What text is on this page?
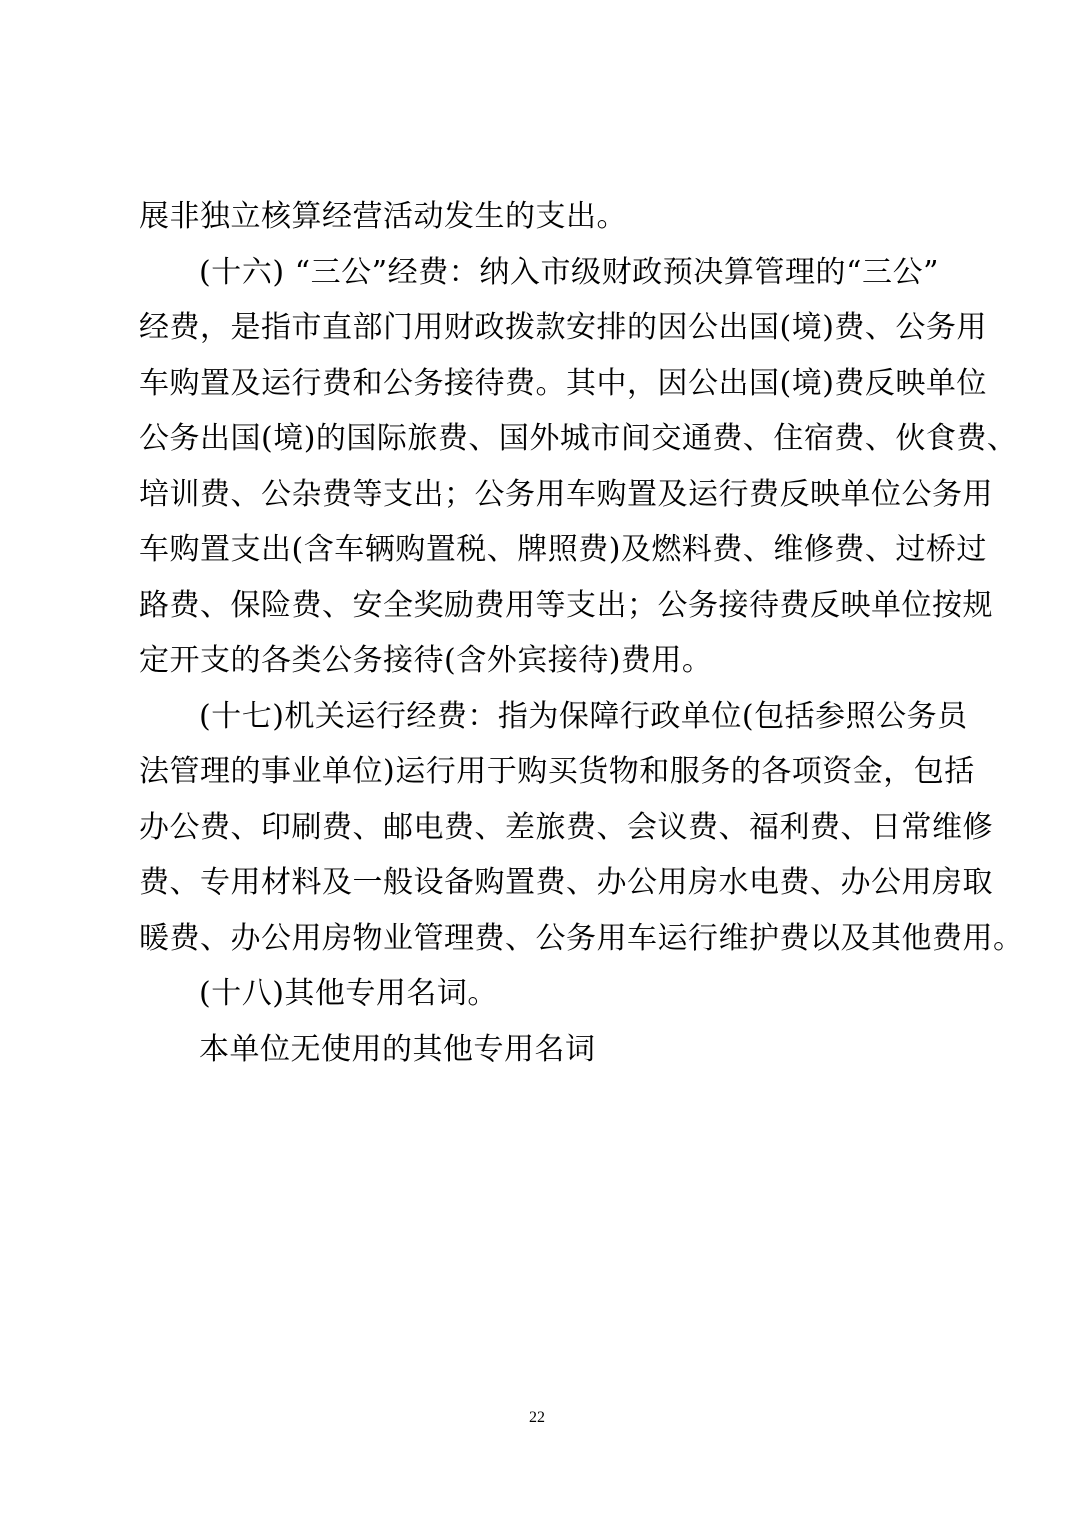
展非独立核算经营活动发生的支出。
(十六) “三公”经费：纳入市级财政预决算管理的“三公”
经费，是指市直部门用财政拨款安排的因公出国(境)费、公务用
车购置及运行费和公务接待费。其中，因公出国(境)费反映单位
公务出国(境)的国际旅费、国外城市间交通费、住宿费、伙食费、
培训费、公杂费等支出；公务用车购置及运行费反映单位公务用
车购置支出(含车辆购置税、牌照费)及燃料费、维修费、过桥过
路费、保险费、安全奖励费用等支出；公务接待费反映单位按规
定开支的各类公务接待(含外宾接待)费用。
(十七)机关运行经费：指为保障行政单位(包括参照公务员
法管理的事业单位)运行用于购买货物和服务的各项资金，包括
办公费、印刷费、邮电费、差旅费、会议费、福利费、日常维修
费、专用材料及一般设备购置费、办公用房水电费、办公用房取
暖费、办公用房物业管理费、公务用车运行维护费以及其他费用。
(十八)其他专用名词。
本单位无使用的其他专用名词
22
